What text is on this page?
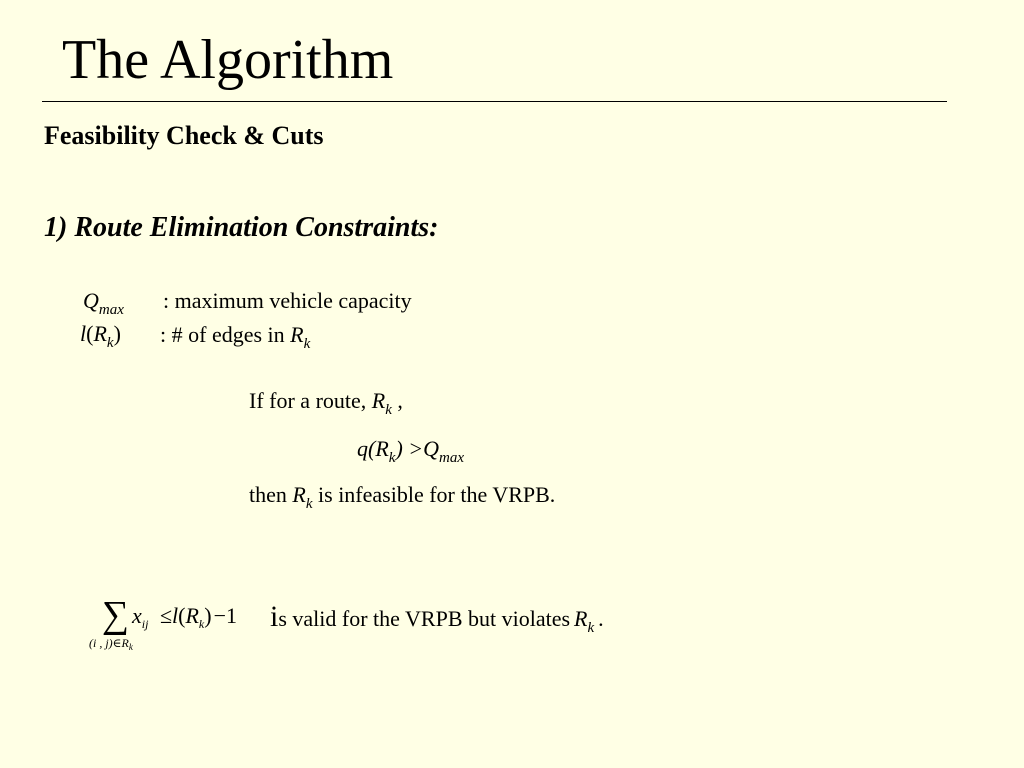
The Algorithm
Feasibility Check & Cuts
1) Route Elimination Constraints:
$Q_{max}$ : maximum vehicle capacity
$l(R_k)$ : # of edges in $R_k$
If for a route, $R_k$ ,
$q(R_k) >Q_{max}$
then $R_k$ is infeasible for the VRPB.
∑ $x_{ij} \le l(R_k)-1$
(i , $j)\in R_k$
is valid for the VRPB but violates Rk .
